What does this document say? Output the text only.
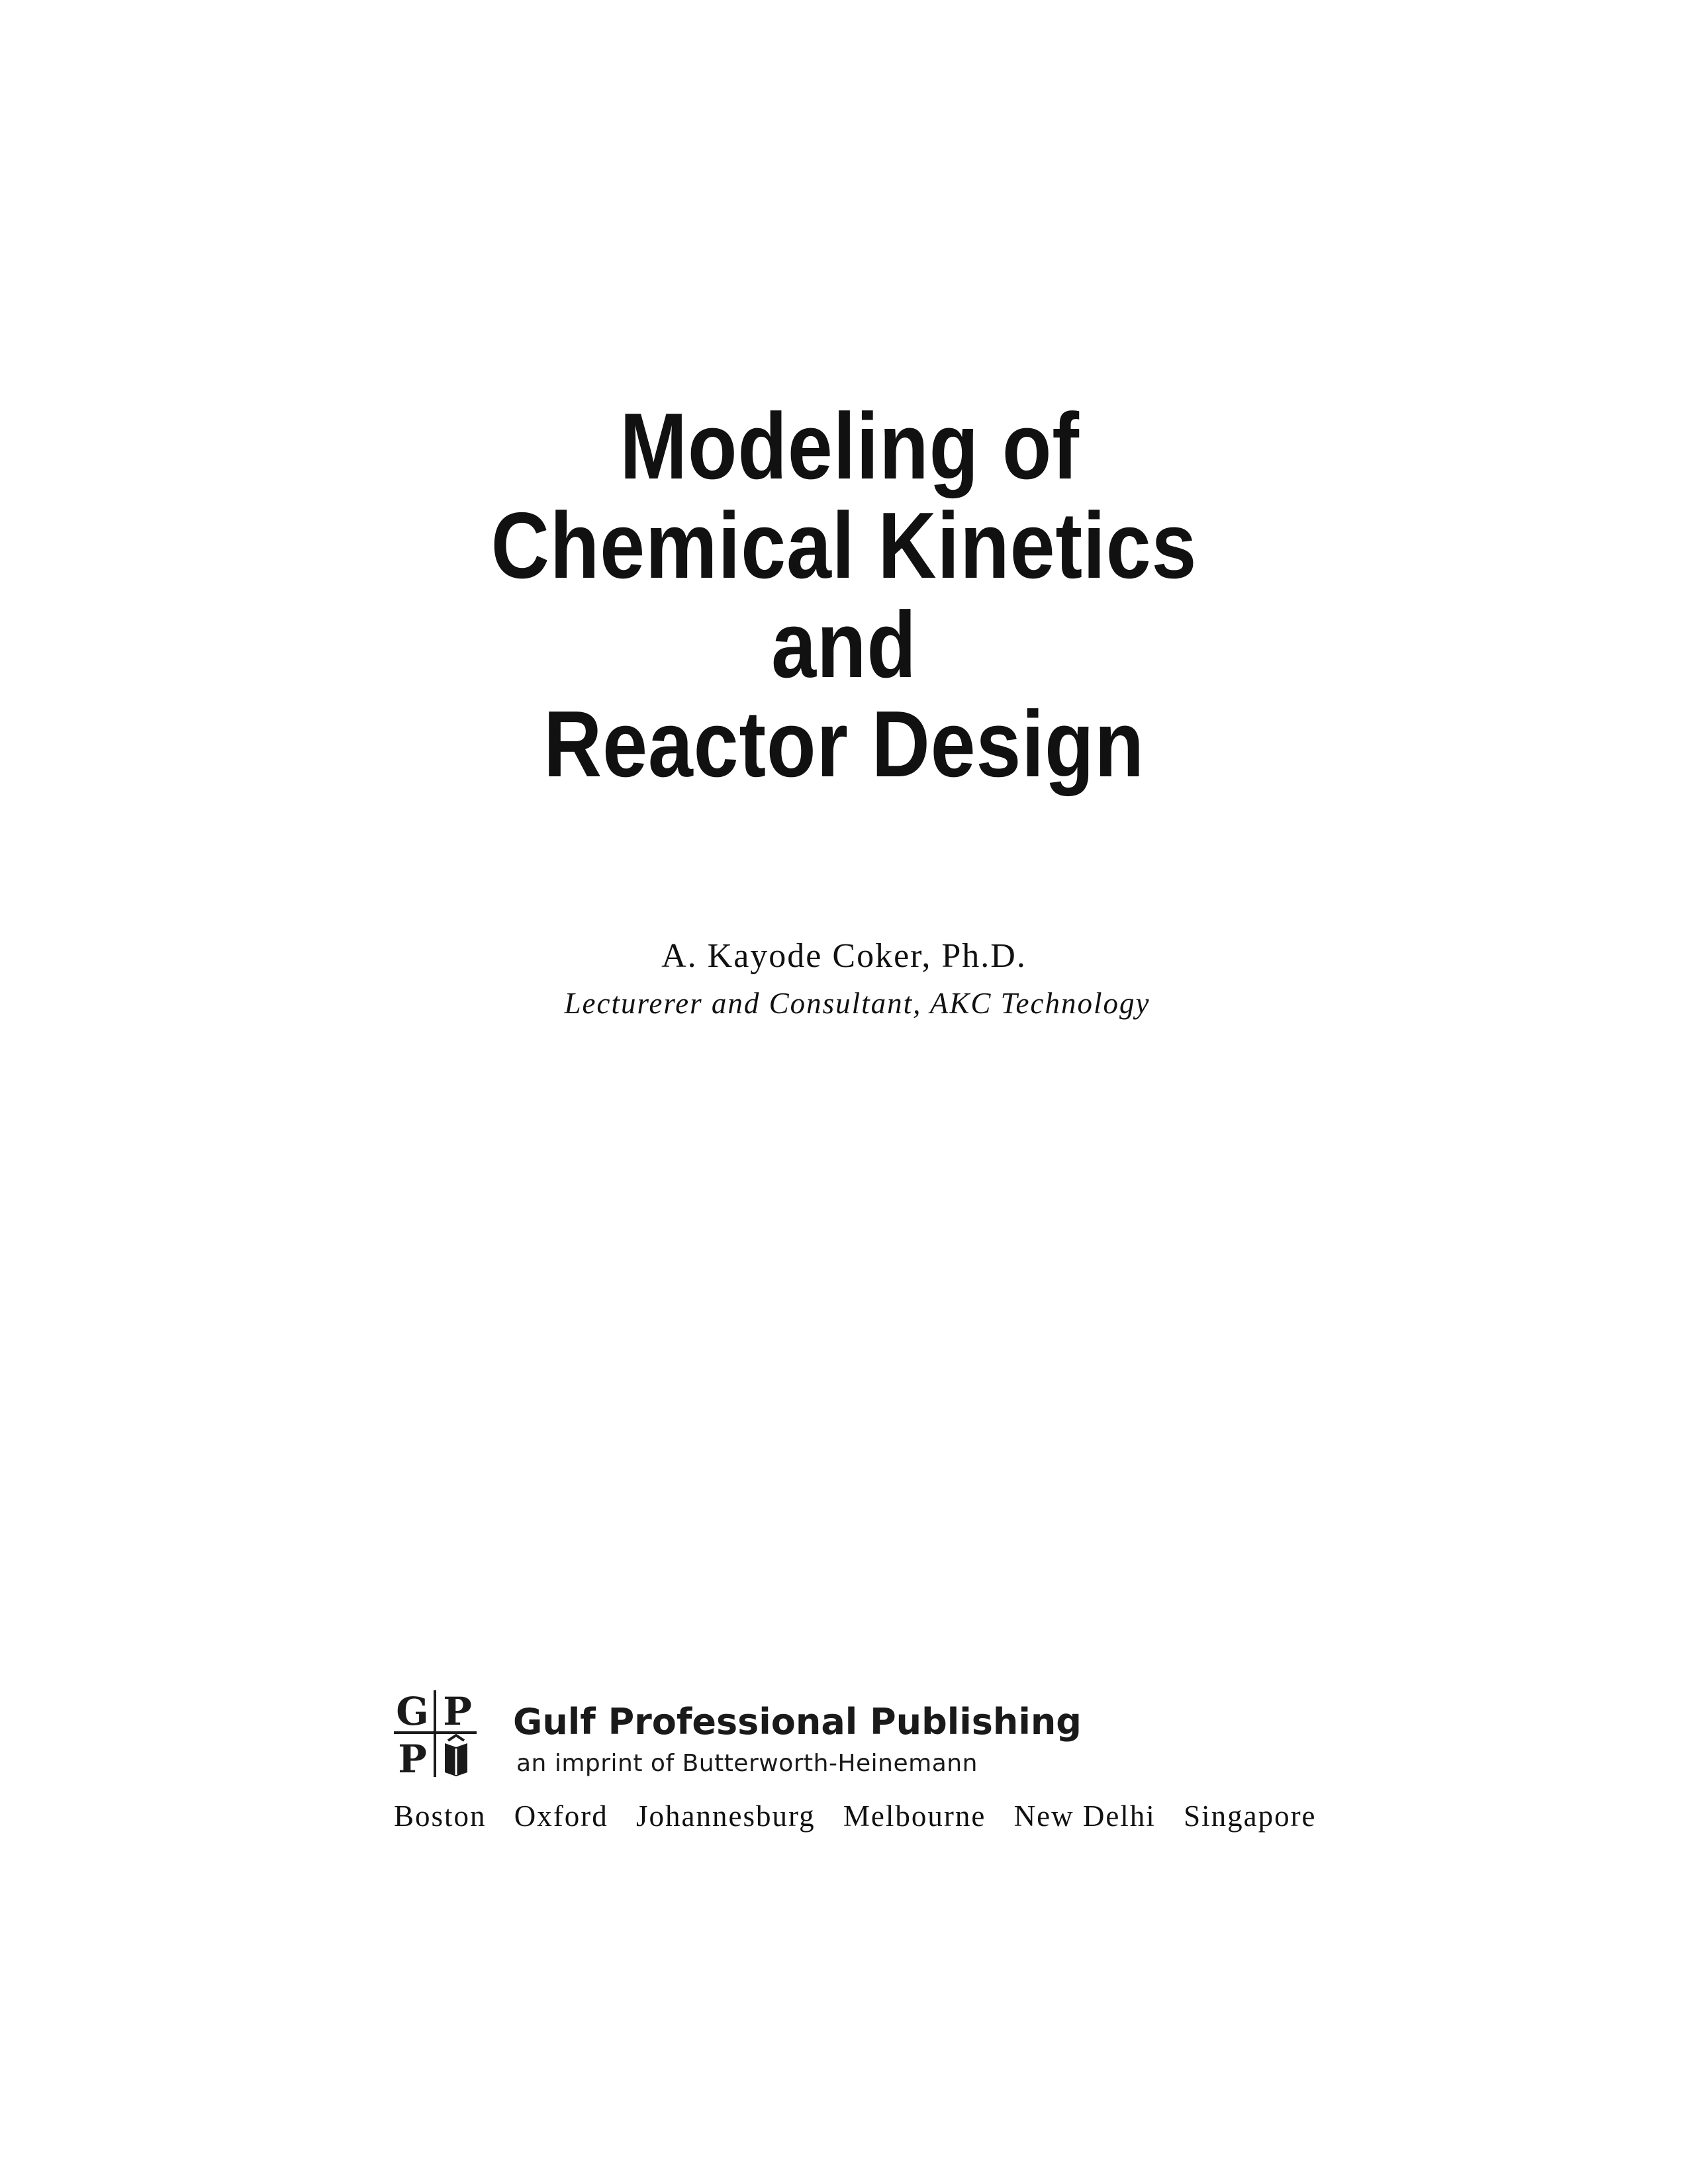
Modeling of
Chemical Kinetics
and
Reactor Design
A. Kayode Coker, Ph.D.
Lecturerer and Consultant, AKC Technology
G P
P
Gulf Professional Publishing
an imprint of Butterworth-Heinemann
Boston Oxford Johannesburg Melbourne New Delhi Singapore
